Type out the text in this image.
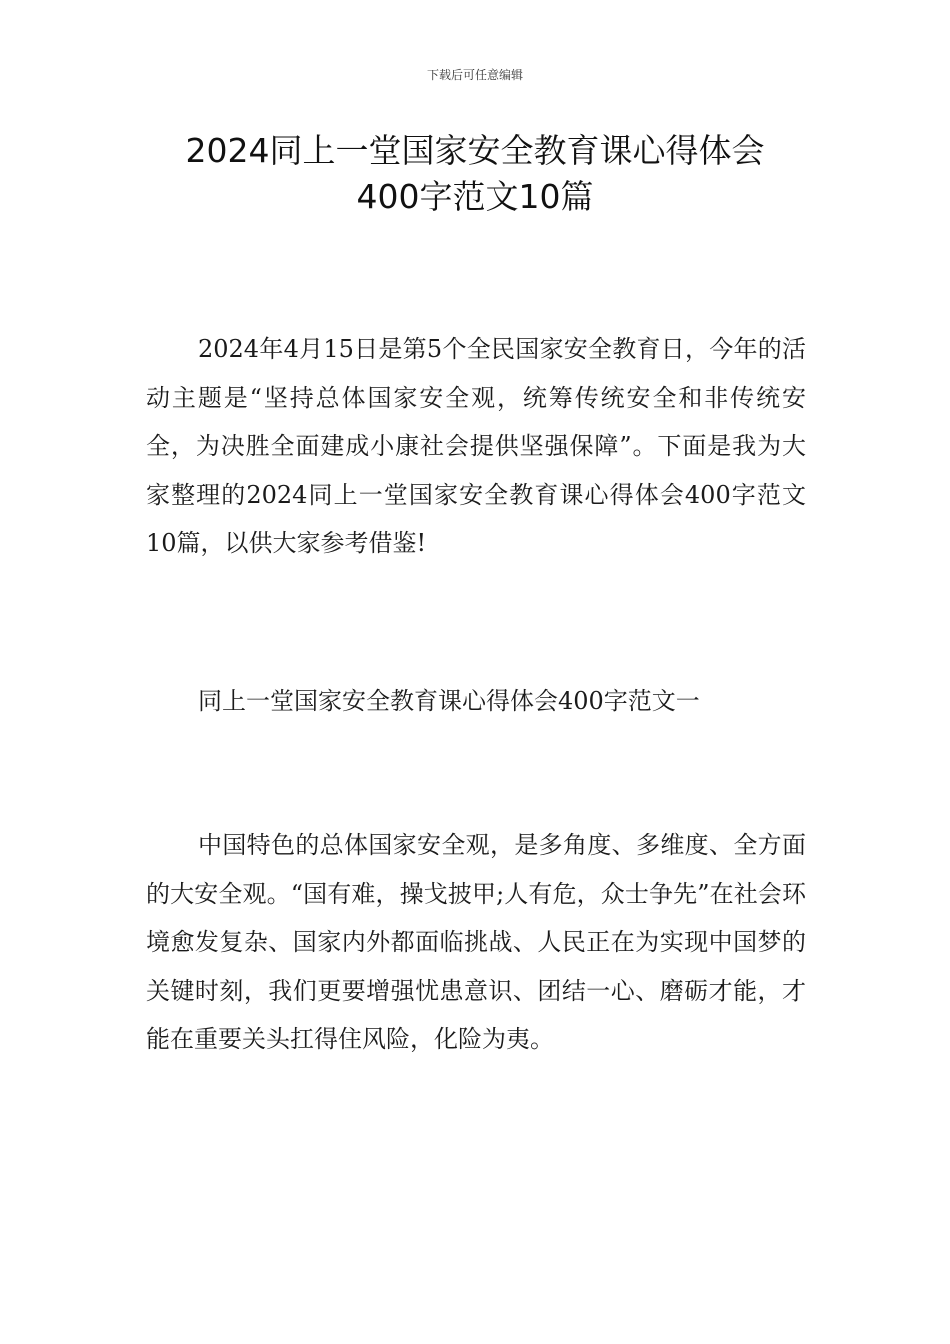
下载后可任意编辑
2024同上一堂国家安全教育课心得体会
400字范文10篇

2024年4月15日是第5个全民国家安全教育日，今年的活动主题是“坚持总体国家安全观，统筹传统安全和非传统安全，为决胜全面建成小康社会提供坚强保障”。下面是我为大家整理的2024同上一堂国家安全教育课心得体会400字范文10篇，以供大家参考借鉴!

同上一堂国家安全教育课心得体会400字范文一

中国特色的总体国家安全观，是多角度、多维度、全方面的大安全观。“国有难，操戈披甲;人有危，众士争先”在社会环境愈发复杂、国家内外都面临挑战、人民正在为实现中国梦的关键时刻，我们更要增强忧患意识、团结一心、磨砺才能，才能在重要关头扛得住风险，化险为夷。
